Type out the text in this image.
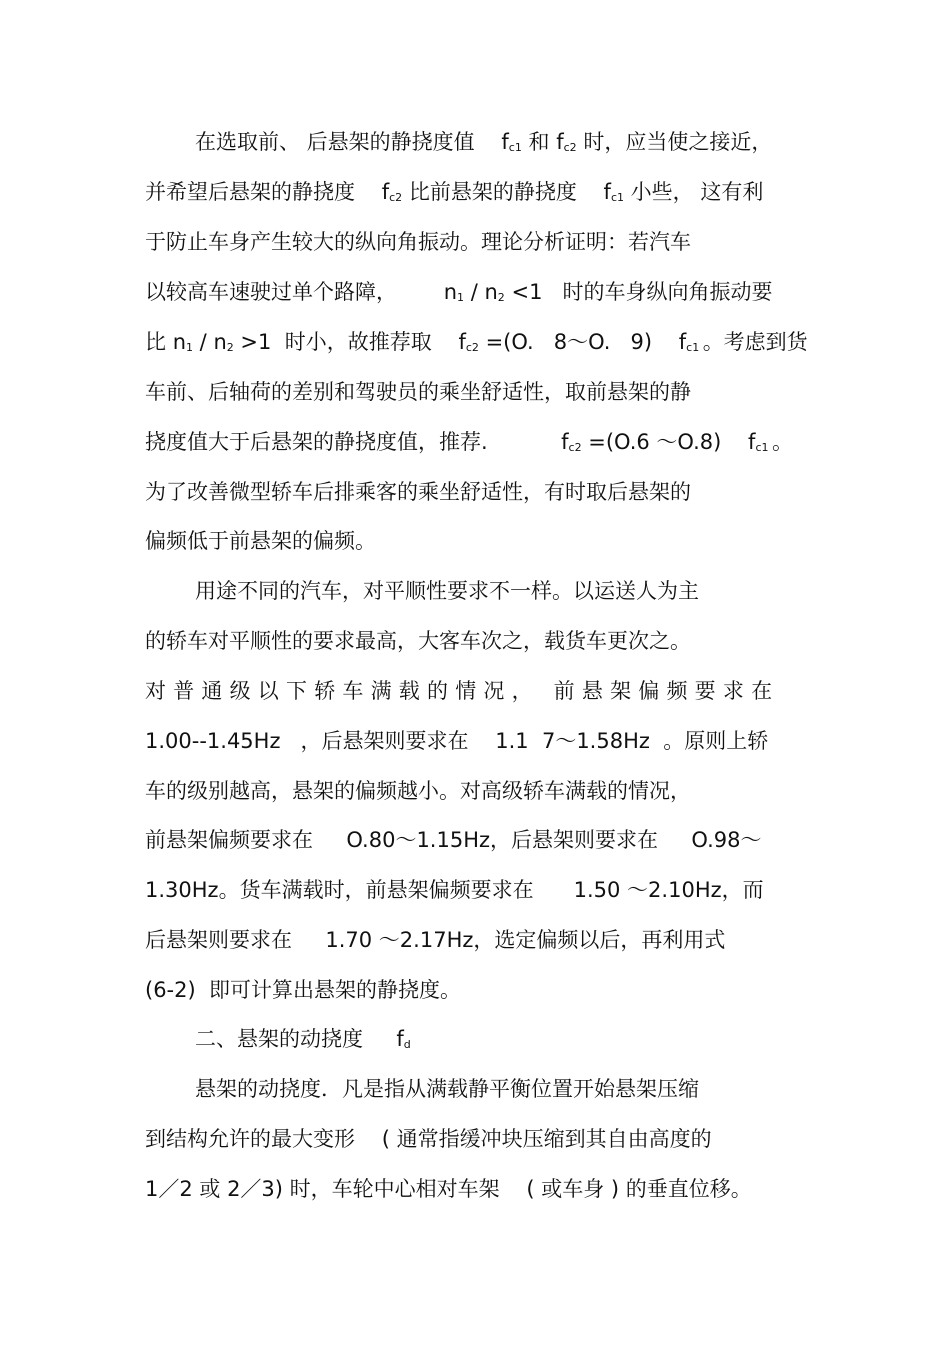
在选取前、 后悬架的静挠度值    fc1 和 fc2 时，应当使之接近，
并希望后悬架的静挠度    fc2 比前悬架的静挠度    fc1 小些， 这有利
于防止车身产生较大的纵向角振动。理论分析证明：若汽车
以较高车速驶过单个路障，       n1 / n2 <1   时的车身纵向角振动要
比 n1 / n2 >1  时小，故推荐取    fc2 =(O.   8～O.   9)    fc1 。考虑到货
车前、后轴荷的差别和驾驶员的乘坐舒适性，取前悬架的静
挠度值大于后悬架的静挠度值，推荐.           fc2 =(O.6 ～O.8)    fc1 。
为了改善微型轿车后排乘客的乘坐舒适性，有时取后悬架的
偏频低于前悬架的偏频。
用途不同的汽车，对平顺性要求不一样。以运送人为主
的轿车对平顺性的要求最高，大客车次之，载货车更次之。
对普通级以下轿车满载的情况， 前悬架偏频要求在
1.00--1.45Hz   ，后悬架则要求在    1.1  7～1.58Hz  。原则上轿
车的级别越高，悬架的偏频越小。对高级轿车满载的情况，
前悬架偏频要求在     O.80～1.15Hz，后悬架则要求在     O.98～
1.30Hz。货车满载时，前悬架偏频要求在      1.50 ～2.10Hz，而
后悬架则要求在     1.70 ～2.17Hz，选定偏频以后，再利用式
(6-2)  即可计算出悬架的静挠度。
二、悬架的动挠度     fd
悬架的动挠度．凡是指从满载静平衡位置开始悬架压缩
到结构允许的最大变形    ( 通常指缓冲块压缩到其自由高度的
1／2 或 2／3) 时，车轮中心相对车架    ( 或车身 ) 的垂直位移。
